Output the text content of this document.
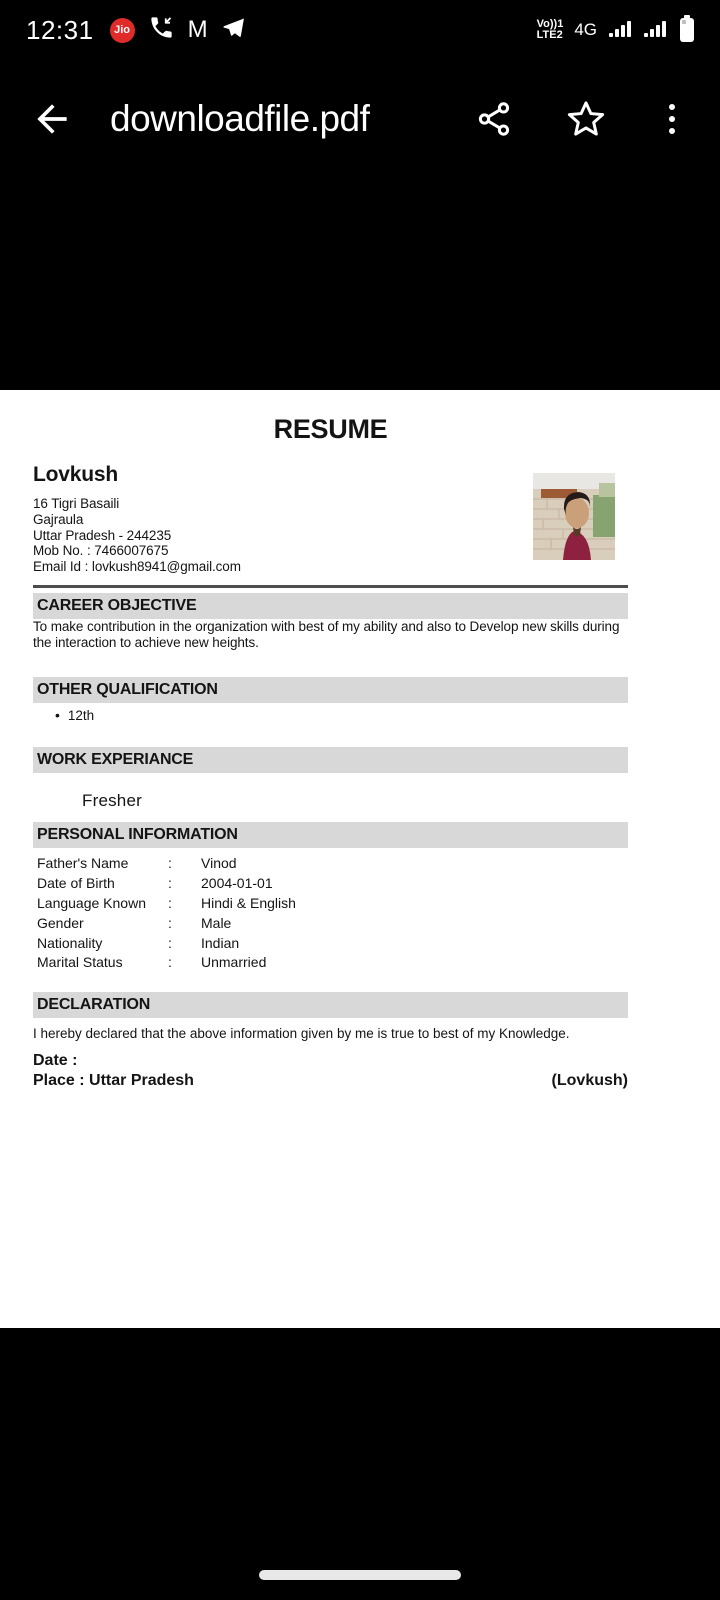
12:31	Jio M	Vo))1
LTE2 4G
downloadfile.pdf
RESUME
Lovkush
16 Tigri Basaili
Gajraula
Uttar Pradesh - 244235
Mob No. : 7466007675
Email Id : lovkush8941@gmail.com
CAREER OBJECTIVE
To make contribution in the organization with best of my ability and also to Develop new skills during the interaction to achieve new heights.
OTHER QUALIFICATION
• 12th
WORK EXPERIANCE
Fresher
PERSONAL INFORMATION
Father's Name	:	Vinod
Date of Birth	:	2004-01-01
Language Known	:	Hindi & English
Gender	:	Male
Nationality	:	Indian
Marital Status	:	Unmarried
DECLARATION
I hereby declared that the above information given by me is true to best of my Knowledge.
Date :
Place : Uttar Pradesh	(Lovkush)
